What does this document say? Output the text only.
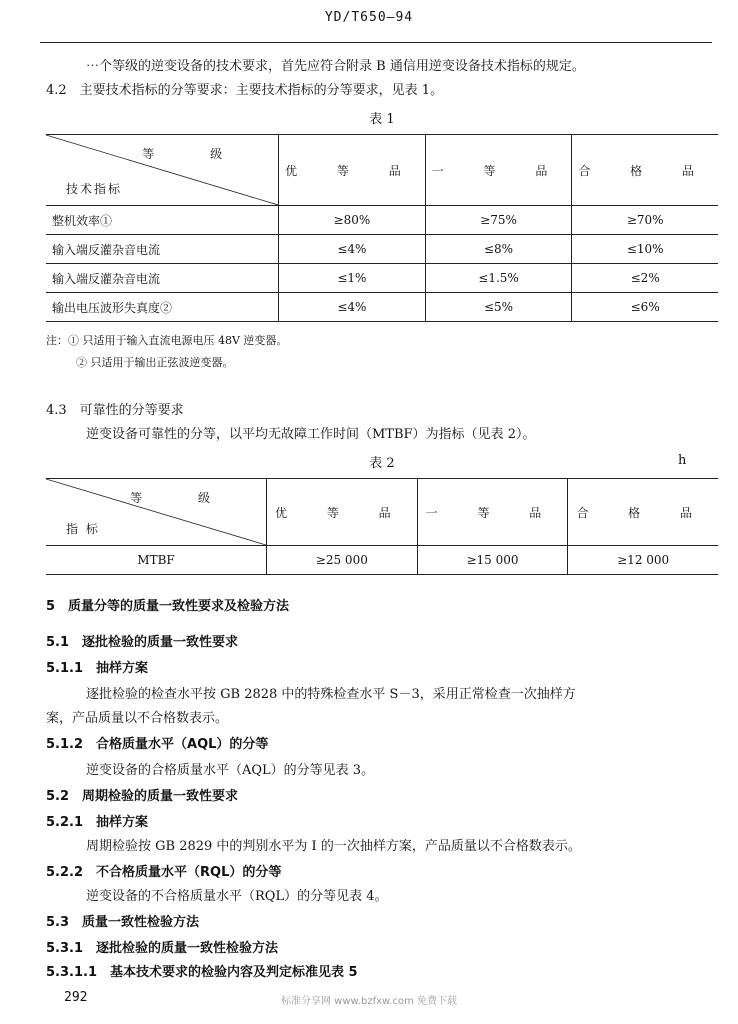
YD/T650—94
⋯个等级的逆变设备的技术要求，首先应符合附录 B 通信用逆变设备技术指标的规定。
4.2　主要技术指标的分等要求：主要技术指标的分等要求，见表 1。
表 1
等 级
技术指标	优 等 品	一 等 品	合 格 品
整机效率①	≥80%	≥75%	≥70%
输入端反灌杂音电流	≤4%	≤8%	≤10%
输入端反灌杂音电流	≤1%	≤1.5%	≤2%
输出电压波形失真度②	≤4%	≤5%	≤6%
注：① 只适用于输入直流电源电压 48V 逆变器。
② 只适用于输出正弦波逆变器。
4.3　可靠性的分等要求
逆变设备可靠性的分等，以平均无故障工作时间（MTBF）为指标（见表 2）。
表 2	h
等 级
指 标	优 等 品	一 等 品	合 格 品
MTBF	≥25 000	≥15 000	≥12 000
5　质量分等的质量一致性要求及检验方法
5.1　逐批检验的质量一致性要求
5.1.1　抽样方案
逐批检验的检查水平按 GB 2828 中的特殊检查水平 S－3，采用正常检查一次抽样方
案，产品质量以不合格数表示。
5.1.2　合格质量水平（AQL）的分等
逆变设备的合格质量水平（AQL）的分等见表 3。
5.2　周期检验的质量一致性要求
5.2.1　抽样方案
周期检验按 GB 2829 中的判别水平为 I 的一次抽样方案，产品质量以不合格数表示。
5.2.2　不合格质量水平（RQL）的分等
逆变设备的不合格质量水平（RQL）的分等见表 4。
5.3　质量一致性检验方法
5.3.1　逐批检验的质量一致性检验方法
5.3.1.1　基本技术要求的检验内容及判定标准见表 5
292	标准分享网 www.bzfxw.com 免费下载
